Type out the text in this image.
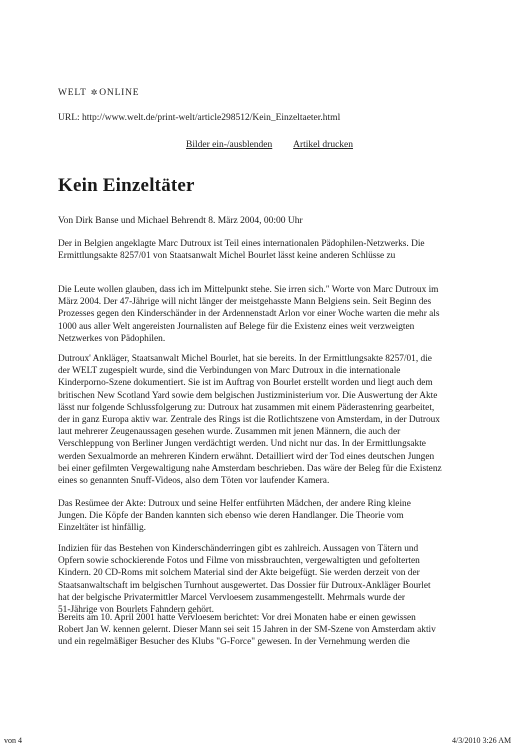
WELT ✲ONLINE
URL: http://www.welt.de/print-welt/article298512/Kein_Einzeltaeter.html
Bilder ein-/ausblenden Artikel drucken
Kein Einzeltäter
Von Dirk Banse und Michael Behrendt 8. März 2004, 00:00 Uhr

Der in Belgien angeklagte Marc Dutroux ist Teil eines internationalen Pädophilen-Netzwerks. Die

Ermittlungsakte 8257/01 von Staatsanwalt Michel Bourlet lässt keine anderen Schlüsse zu

Die Leute wollen glauben, dass ich im Mittelpunkt stehe. Sie irren sich." Worte von Marc Dutroux im

März 2004. Der 47-Jährige will nicht länger der meistgehasste Mann Belgiens sein. Seit Beginn des

Prozesses gegen den Kinderschänder in der Ardennenstadt Arlon vor einer Woche warten die mehr als

1000 aus aller Welt angereisten Journalisten auf Belege für die Existenz eines weit verzweigten

Netzwerkes von Pädophilen.

Dutroux' Ankläger, Staatsanwalt Michel Bourlet, hat sie bereits. In der Ermittlungsakte 8257/01, die

der WELT zugespielt wurde, sind die Verbindungen von Marc Dutroux in die internationale

Kinderporno-Szene dokumentiert. Sie ist im Auftrag von Bourlet erstellt worden und liegt auch dem

britischen New Scotland Yard sowie dem belgischen Justizministerium vor. Die Auswertung der Akte

lässt nur folgende Schlussfolgerung zu: Dutroux hat zusammen mit einem Päderastenring gearbeitet,

der in ganz Europa aktiv war. Zentrale des Rings ist die Rotlichtszene von Amsterdam, in der Dutroux

laut mehrerer Zeugenaussagen gesehen wurde. Zusammen mit jenen Männern, die auch der

Verschleppung von Berliner Jungen verdächtigt werden. Und nicht nur das. In der Ermittlungsakte

werden Sexualmorde an mehreren Kindern erwähnt. Detailliert wird der Tod eines deutschen Jungen

bei einer gefilmten Vergewaltigung nahe Amsterdam beschrieben. Das wäre der Beleg für die Existenz

eines so genannten Snuff-Videos, also dem Töten vor laufender Kamera.

Das Resümee der Akte: Dutroux und seine Helfer entführten Mädchen, der andere Ring kleine

Jungen. Die Köpfe der Banden kannten sich ebenso wie deren Handlanger. Die Theorie vom

Einzeltäter ist hinfällig.

Indizien für das Bestehen von Kinderschänderringen gibt es zahlreich. Aussagen von Tätern und

Opfern sowie schockierende Fotos und Filme von missbrauchten, vergewaltigten und gefolterten

Kindern. 20 CD-Roms mit solchem Material sind der Akte beigefügt. Sie werden derzeit von der

Staatsanwaltschaft im belgischen Turnhout ausgewertet. Das Dossier für Dutroux-Ankläger Bourlet

hat der belgische Privatermittler Marcel Vervloesem zusammengestellt. Mehrmals wurde der

51-Jährige von Bourlets Fahndern gehört.

Bereits am 10. April 2001 hatte Vervloesem berichtet: Vor drei Monaten habe er einen gewissen

Robert Jan W. kennen gelernt. Dieser Mann sei seit 15 Jahren in der SM-Szene von Amsterdam aktiv

und ein regelmäßiger Besucher des Klubs "G-Force" gewesen. In der Vernehmung werden die

von 4	4/3/2010 3:26 AM
